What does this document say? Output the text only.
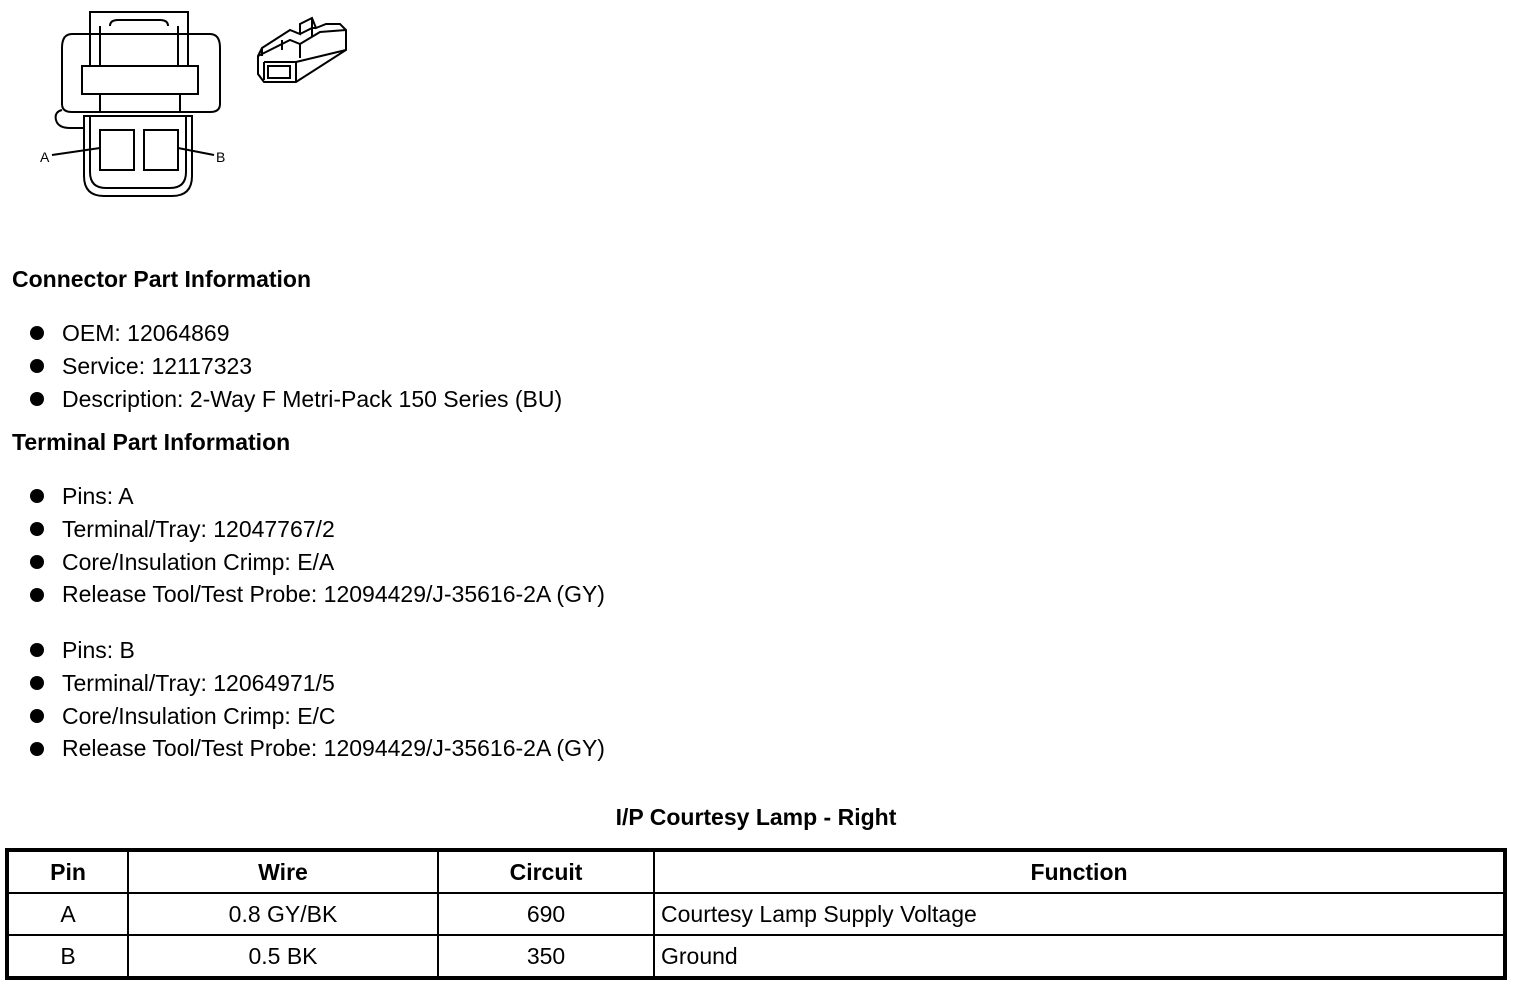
A	B
Connector Part Information
OEM: 12064869
Service: 12117323
Description: 2-Way F Metri-Pack 150 Series (BU)
Terminal Part Information
Pins: A
Terminal/Tray: 12047767/2
Core/Insulation Crimp: E/A
Release Tool/Test Probe: 12094429/J-35616-2A (GY)
Pins: B
Terminal/Tray: 12064971/5
Core/Insulation Crimp: E/C
Release Tool/Test Probe: 12094429/J-35616-2A (GY)
I/P Courtesy Lamp - Right
Pin	Wire	Circuit	Function
A	0.8 GY/BK	690	Courtesy Lamp Supply Voltage
B	0.5 BK	350	Ground
